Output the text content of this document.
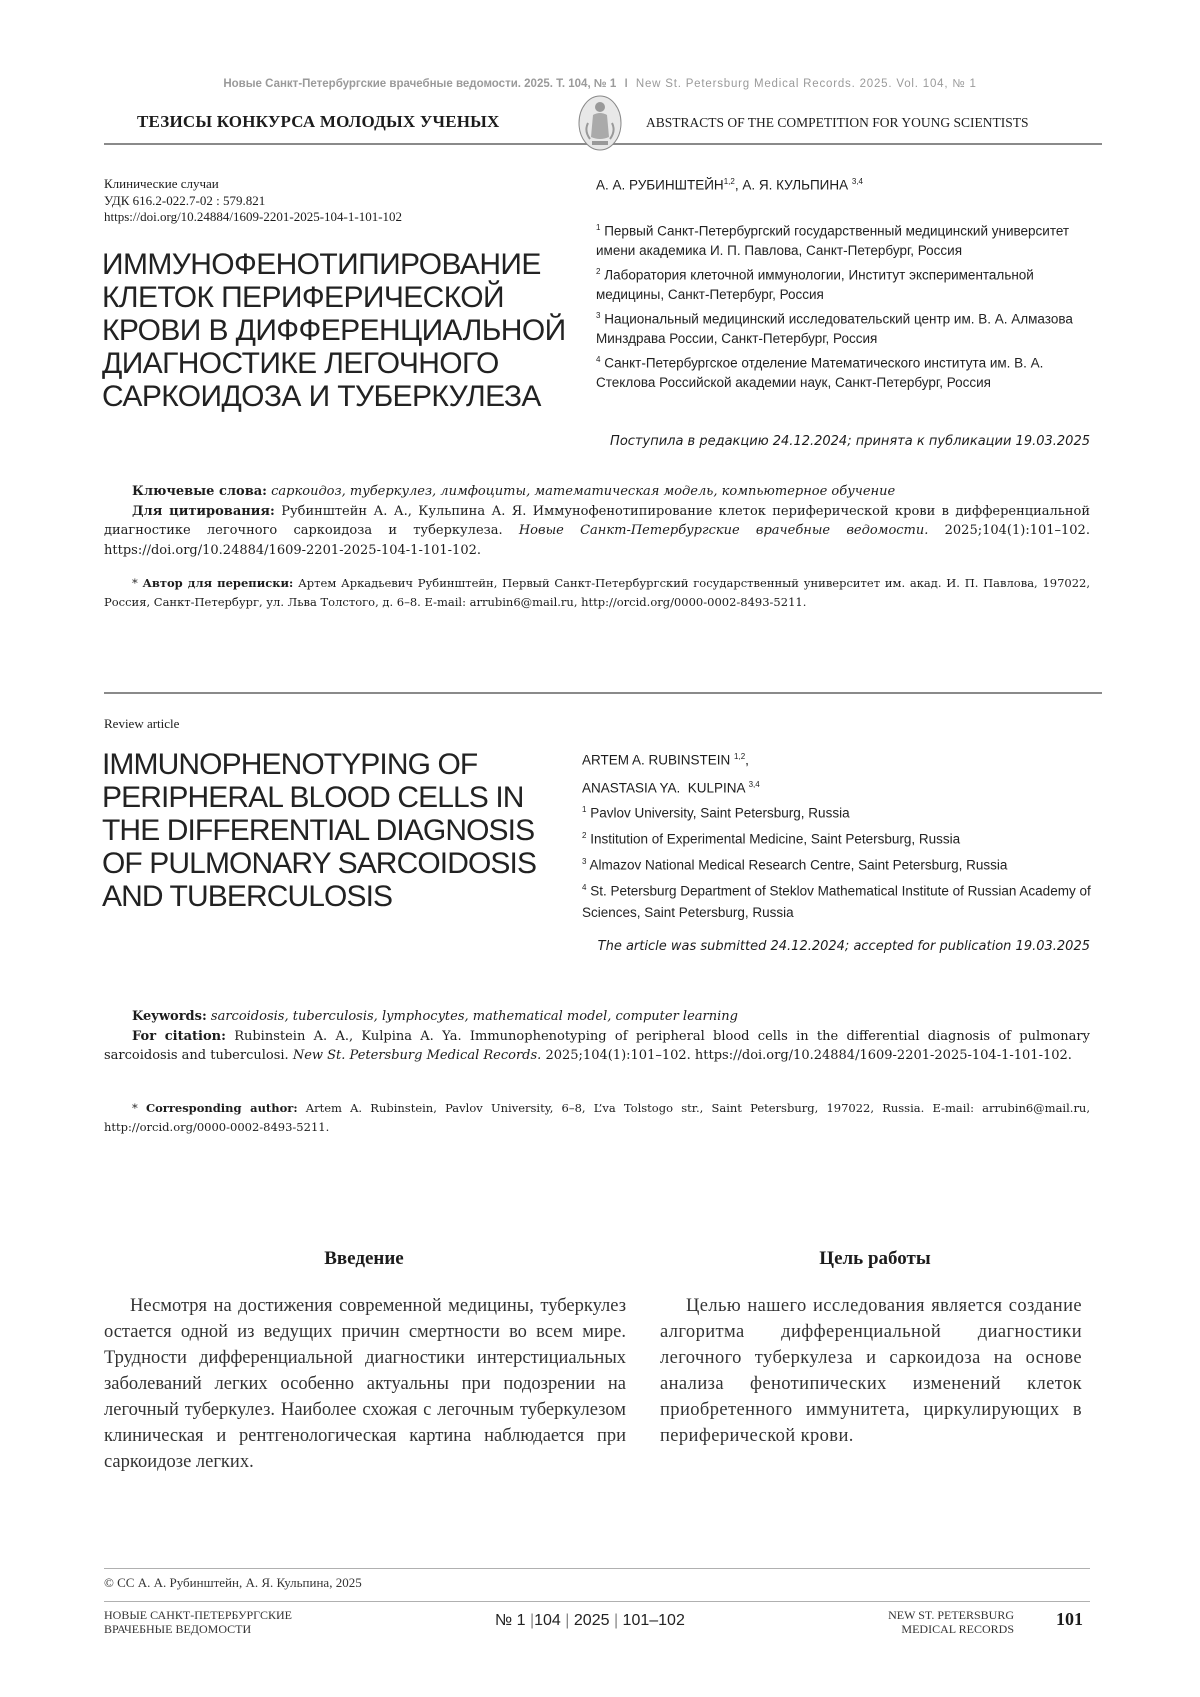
Новые Санкт-Петербургские врачебные ведомости. 2025. Т. 104, № 1 I New St. Petersburg Medical Records. 2025. Vol. 104, № 1
ТЕЗИСЫ КОНКУРСА МОЛОДЫХ УЧЕНЫХ	ABSTRACTS OF THE COMPETITION FOR YOUNG SCIENTISTS
Клинические случаи
УДК 616.2-022.7-02 : 579.821
https://doi.org/10.24884/1609-2201-2025-104-1-101-102
ИММУНОФЕНОТИПИРОВАНИЕ
КЛЕТОК ПЕРИФЕРИЧЕСКОЙ
КРОВИ В ДИФФЕРЕНЦИАЛЬНОЙ
ДИАГНОСТИКЕ ЛЕГОЧНОГО
САРКОИДОЗА И ТУБЕРКУЛЕЗА
А. А. РУБИНШТЕЙН1,2, А. Я. КУЛЬПИНА 3,4

1 Первый Санкт-Петербургский государственный медицинский университет имени академика И. П. Павлова, Санкт-Петербург, Россия

2 Лаборатория клеточной иммунологии, Институт экспериментальной медицины, Санкт-Петербург, Россия

3 Национальный медицинский исследовательский центр им. В. А. Алмазова Минздрава России, Санкт-Петербург, Россия

4 Санкт-Петербургское отделение Математического института им. В. А. Стеклова Российской академии наук, Санкт-Петербург, Россия

Поступила в редакцию 24.12.2024; принята к публикации 19.03.2025

Ключевые слова: саркоидоз, туберкулез, лимфоциты, математическая модель, компьютерное обучение

Для цитирования: Рубинштейн А. А., Кульпина А. Я. Иммунофенотипирование клеток периферической крови в дифференциальной диагностике легочного саркоидоза и туберкулеза. Новые Санкт-Петербургские врачебные ведомости. 2025;104(1):101–102. https://doi.org/10.24884/1609-2201-2025-104-1-101-102.

* Автор для переписки: Артем Аркадьевич Рубинштейн, Первый Санкт-Петербургский государственный университет им. акад. И. П. Павлова, 197022, Россия, Санкт-Петербург, ул. Льва Толстого, д. 6–8. E-mail: arrubin6@mail.ru, http://orcid.org/0000-0002-8493-5211.

Review article
IMMUNOPHENOTYPING OF
PERIPHERAL BLOOD CELLS IN
THE DIFFERENTIAL DIAGNOSIS
OF PULMONARY SARCOIDOSIS
AND TUBERCULOSIS
ARTEM A. RUBINSTEIN 1,2,
ANASTASIA YA.  KULPINA 3,4

1 Pavlov University, Saint Petersburg, Russia

2 Institution of Experimental Medicine, Saint Petersburg, Russia

3 Almazov National Medical Research Centre, Saint Petersburg, Russia

4 St. Petersburg Department of Steklov Mathematical Institute of Russian Academy of Sciences, Saint Petersburg, Russia

The article was submitted 24.12.2024; accepted for publication 19.03.2025

Keywords: sarcoidosis, tuberculosis, lymphocytes, mathematical model, computer learning

For citation: Rubinstein A. A., Kulpina A. Ya. Immunophenotyping of peripheral blood cells in the differential diagnosis of pulmonary sarcoidosis and tuberculosi. New St. Petersburg Medical Records. 2025;104(1):101–102. https://doi.org/10.24884/1609-2201-2025-104-1-101-102.

* Corresponding author: Artem A. Rubinstein, Pavlov University, 6–8, L’va Tolstogo str., Saint Petersburg, 197022, Russia. E-mail: arrubin6@mail.ru, http://orcid.org/0000-0002-8493-5211.

Введение

Несмотря на достижения современной медицины, туберкулез остается одной из ведущих причин смертности во всем мире. Трудности дифференциальной диагностики интерстициальных заболеваний легких особенно актуальны при подозрении на легочный туберкулез. Наиболее схожая с легочным туберкулезом клиническая и рентгенологическая картина наблюдается при саркоидозе легких.

Цель работы

Целью нашего исследования является создание алгоритма дифференциальной диагностики легочного туберкулеза и саркоидоза на основе анализа фенотипических изменений клеток приобретенного иммунитета, циркулирующих в периферической крови.

© CC А. А. Рубинштейн, А. Я. Кульпина, 2025
НОВЫЕ САНКТ-ПЕТЕРБУРГСКИЕ
ВРАЧЕБНЫЕ ВЕДОМОСТИ	№ 1 |104 | 2025 | 101–102	NEW ST. PETERSBURG
MEDICAL RECORDS 101
